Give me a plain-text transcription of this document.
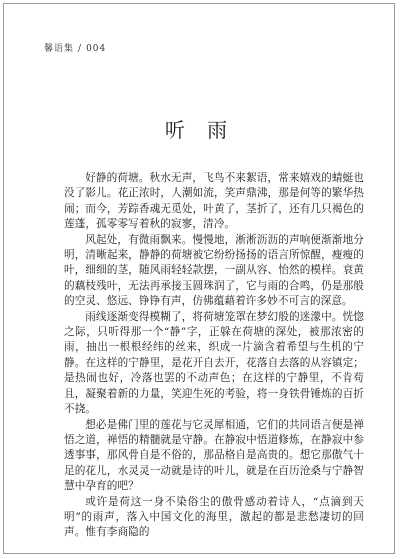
馨语集 / 004
听 雨

好静的荷塘。秋水无声，飞鸟不来絮语，常来嬉戏的蜻蜓也没了影儿。花正浓时，人潮如流，笑声鼎沸，那是何等的繁华热闹；而今，芳踪香魂无觅处，叶黄了，茎折了，还有几只褐色的莲蓬，孤零零写着秋的寂寥，清冷。

风起处，有微雨飘来。慢慢地，淅淅沥沥的声响便渐渐地分明，清晰起来，静静的荷塘被它纷纷扬扬的语言所惊醒，瘦瘦的叶，细细的茎，随风雨轻轻款摆，一副从容、怡然的模样。衰黄的藕枝残叶，无法再承接玉圆珠润了，它与雨的合鸣，仍是那般的空灵、悠远、铮铮有声，仿佛蕴藉着许多妙不可言的深意。

雨线逐渐变得模糊了，将荷塘笼罩在梦幻般的迷濛中。恍惚之际，只听得那一个“静”字，正躲在荷塘的深处，被那浓密的雨，抽出一根根经纬的丝来，织成一片滴含着希望与生机的宁静。在这样的宁静里，是花开自去开，花落自去落的从容镇定；是热闹也好，冷落也罢的不动声色；在这样的宁静里，不肯苟且，凝聚着新的力量，笑迎生死的考验，将一身铁骨锤炼的百折不挠。

想必是佛门里的莲花与它灵犀相通，它们的共同语言便是禅悟之道，禅悟的精髓就是守静。在静寂中悟道修炼，在静寂中参透事事，那风骨自是不俗的，那品格自是高贵的。想它那傲气十足的花儿，水灵灵一动就是诗的叶儿，就是在百历沧桑与宁静智慧中孕育的吧？

或许是荷这一身不染俗尘的傲骨感动着诗人，“点滴到天明”的雨声，落入中国文化的海里，激起的都是悲愁凄切的回声。惟有李商隐的
